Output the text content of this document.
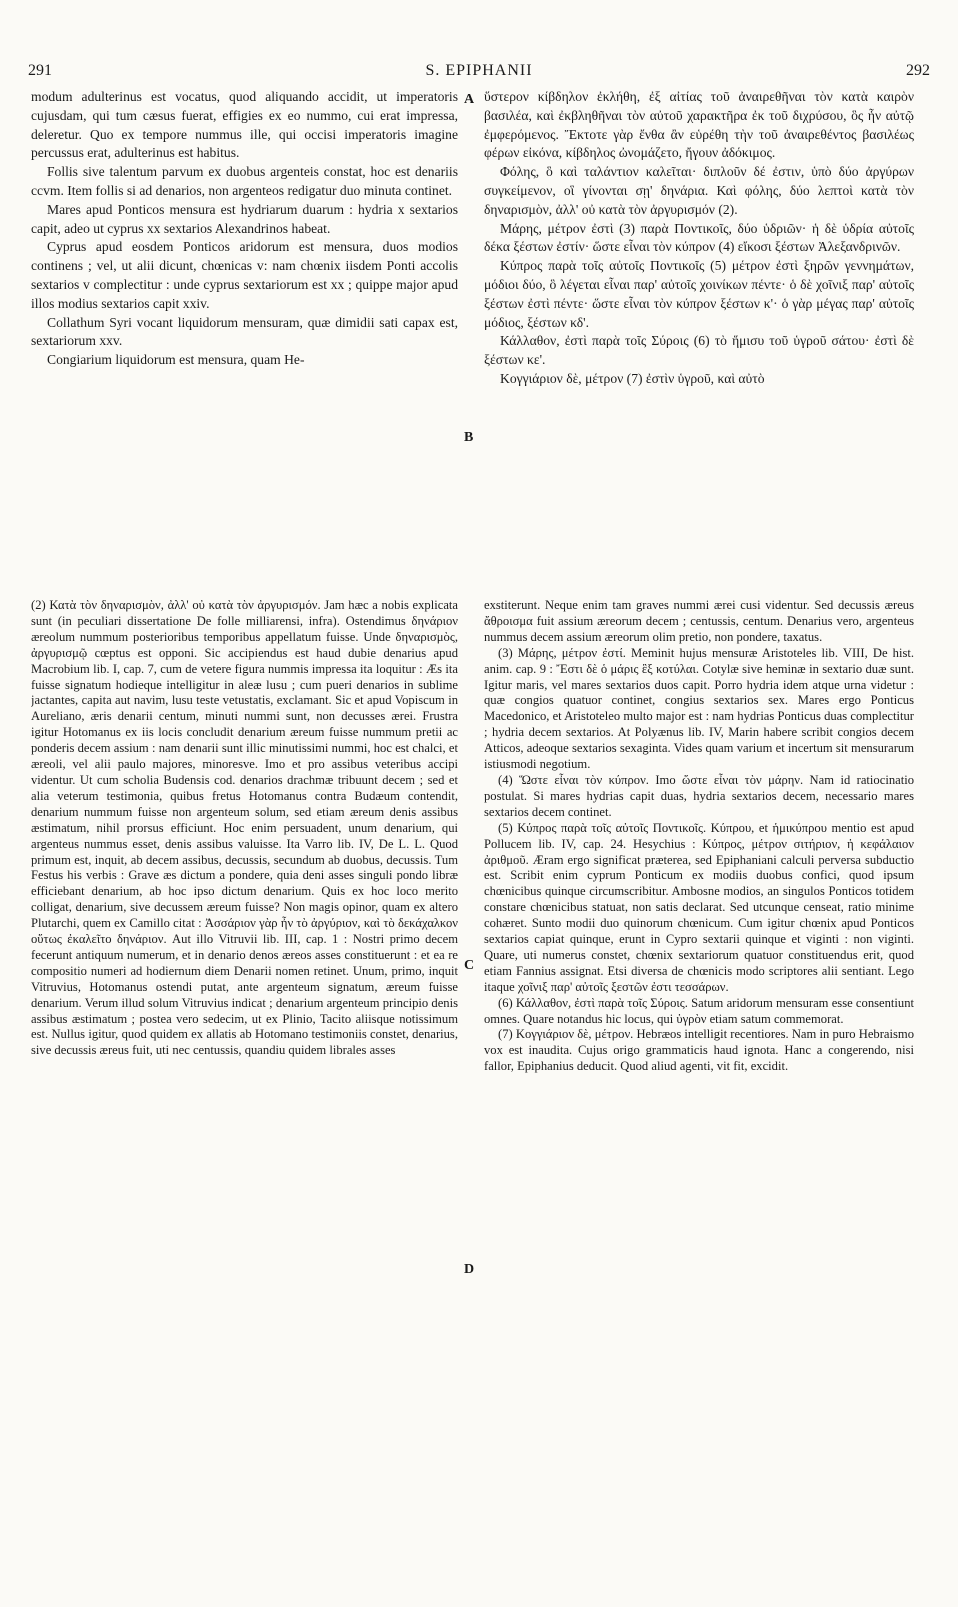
291	S. EPIPHANII	292

modum adulterinus est vocatus, quod aliquando accidit, ut imperatoris cujusdam, qui tum cæsus fuerat, effigies ex eo nummo, cui erat impressa, deleretur. Quo ex tempore nummus ille, qui occisi imperatoris imagine percussus erat, adulterinus est habitus.

Follis sive talentum parvum ex duobus argenteis constat, hoc est denariis ccvm. Item follis si ad denarios, non argenteos redigatur duo minuta continet.

Mares apud Ponticos mensura est hydriarum duarum : hydria x sextarios capit, adeo ut cyprus xx sextarios Alexandrinos habeat.

Cyprus apud eosdem Ponticos aridorum est mensura, duos modios continens ; vel, ut alii dicunt, chœnicas v: nam chœnix iisdem Ponti accolis sextarios v complectitur : unde cyprus sextariorum est xx ; quippe major apud illos modius sextarios capit xxiv.

Collathum Syri vocant liquidorum mensuram, quæ dimidii sati capax est, sextariorum xxv.

Congiarium liquidorum est mensura, quam He-

ὕστερον κίβδηλον ἐκλήθη, ἐξ αἰτίας τοῦ ἀναιρεθῆναι τὸν κατὰ καιρὸν βασιλέα, καὶ ἐκβληθῆναι τὸν αὐτοῦ χαρακτῆρα ἐκ τοῦ διχρύσου, ὃς ἦν αὐτῷ ἐμφερόμενος. Ἔκτοτε γὰρ ἔνθα ἂν εὑρέθη τὴν τοῦ ἀναιρεθέντος βασιλέως φέρων εἰκόνα, κίβδηλος ὠνομάζετο, ἤγουν ἀδόκιμος.

Φόλης, ὃ καὶ ταλάντιον καλεῖται· διπλοῦν δέ ἐστιν, ὑπὸ δύο ἀργύρων συγκείμενον, οἳ γίνονται σῃ' δηνάρια. Καὶ φόλης, δύο λεπτοὶ κατὰ τὸν δηναρισμὸν, ἀλλ' οὐ κατὰ τὸν ἀργυρισμόν (2).

Μάρης, μέτρον ἐστὶ (3) παρὰ Ποντικοῖς, δύο ὑδριῶν· ἡ δὲ ὑδρία αὐτοῖς δέκα ξέστων ἐστίν· ὥστε εἶναι τὸν κύπρον (4) εἴκοσι ξέστων Ἀλεξανδρινῶν.

Κύπρος παρὰ τοῖς αὐτοῖς Ποντικοῖς (5) μέτρον ἐστὶ ξηρῶν γεννημάτων, μόδιοι δύο, ὃ λέγεται εἶναι παρ' αὐτοῖς χοινίκων πέντε· ὁ δὲ χοῖνιξ παρ' αὐτοῖς ξέστων ἐστὶ πέντε· ὥστε εἶναι τὸν κύπρον ξέστων κ'· ὁ γὰρ μέγας παρ' αὐτοῖς μόδιος, ξέστων κδ'.

Κάλλαθον, ἐστὶ παρὰ τοῖς Σύροις (6) τὸ ἥμισυ τοῦ ὑγροῦ σάτου· ἐστὶ δὲ ξέστων κε'.

Κογγιάριον δὲ, μέτρον (7) ἐστὶν ὑγροῦ, καὶ αὐτὸ

A
B
C
D

(2) Κατὰ τὸν δηναρισμὸν, ἀλλ' οὐ κατὰ τὸν ἀργυρισμόν. Jam hæc a nobis explicata sunt (in peculiari dissertatione De folle milliarensi, infra). Ostendimus δηνάριον æreolum nummum posterioribus temporibus appellatum fuisse. Unde δηναρισμὸς, ἀργυρισμῷ cœptus est opponi. Sic accipiendus est haud dubie denarius apud Macrobium lib. I, cap. 7, cum de vetere figura nummis impressa ita loquitur : Æs ita fuisse signatum hodieque intelligitur in aleæ lusu ; cum pueri denarios in sublime jactantes, capita aut navim, lusu teste vetustatis, exclamant. Sic et apud Vopiscum in Aureliano, æris denarii centum, minuti nummi sunt, non decusses ærei. Frustra igitur Hotomanus ex iis locis concludit denarium æreum fuisse nummum pretii ac ponderis decem assium : nam denarii sunt illic minutissimi nummi, hoc est chalci, et æreoli, vel alii paulo majores, minoresve. Imo et pro assibus veteribus accipi videntur. Ut cum scholia Budensis cod. denarios drachmæ tribuunt decem ; sed et alia veterum testimonia, quibus fretus Hotomanus contra Budæum contendit, denarium nummum fuisse non argenteum solum, sed etiam æreum denis assibus æstimatum, nihil prorsus efficiunt. Hoc enim persuadent, unum denarium, qui argenteus nummus esset, denis assibus valuisse. Ita Varro lib. IV, De L. L. Quod primum est, inquit, ab decem assibus, decussis, secundum ab duobus, decussis. Tum Festus his verbis : Grave æs dictum a pondere, quia deni asses singuli pondo libræ efficiebant denarium, ab hoc ipso dictum denarium. Quis ex hoc loco merito colligat, denarium, sive decussem æreum fuisse? Non magis opinor, quam ex altero Plutarchi, quem ex Camillo citat : Ἀσσάριον γὰρ ἦν τὸ ἀργύριον, καὶ τὸ δεκάχαλκον οὕτως ἐκαλεῖτο δηνάριον. Aut illo Vitruvii lib. III, cap. 1 : Nostri primo decem fecerunt antiquum numerum, et in denario denos æreos asses constituerunt : et ea re compositio numeri ad hodiernum diem Denarii nomen retinet. Unum, primo, inquit Vitruvius, Hotomanus ostendi putat, ante argenteum signatum, æreum fuisse denarium. Verum illud solum Vitruvius indicat ; denarium argenteum principio denis assibus æstimatum ; postea vero sedecim, ut ex Plinio, Tacito aliisque notissimum est. Nullus igitur, quod quidem ex allatis ab Hotomano testimoniis constet, denarius, sive decussis æreus fuit, uti nec centussis, quandiu quidem librales asses

exstiterunt. Neque enim tam graves nummi ærei cusi videntur. Sed decussis æreus ἄθροισμα fuit assium æreorum decem ; centussis, centum. Denarius vero, argenteus nummus decem assium æreorum olim pretio, non pondere, taxatus.

(3) Μάρης, μέτρον ἐστί. Meminit hujus mensuræ Aristoteles lib. VIII, De hist. anim. cap. 9 : Ἔστι δὲ ὁ μάρις ἓξ κοτύλαι. Cotylæ sive heminæ in sextario duæ sunt. Igitur maris, vel mares sextarios duos capit. Porro hydria idem atque urna videtur : quæ congios quatuor continet, congius sextarios sex. Mares ergo Ponticus Macedonico, et Aristoteleo multo major est : nam hydrias Ponticus duas complectitur ; hydria decem sextarios. At Polyænus lib. IV, Marin habere scribit congios decem Atticos, adeoque sextarios sexaginta. Vides quam varium et incertum sit mensurarum istiusmodi negotium.

(4) Ὥστε εἶναι τὸν κύπρον. Imo ὥστε εἶναι τὸν μάρην. Nam id ratiocinatio postulat. Si mares hydrias capit duas, hydria sextarios decem, necessario mares sextarios decem continet.

(5) Κύπρος παρὰ τοῖς αὐτοῖς Ποντικοῖς. Κύπρου, et ἡμικύπρου mentio est apud Pollucem lib. IV, cap. 24. Hesychius : Κύπρος, μέτρον σιτήριον, ἡ κεφάλαιον ἀριθμοῦ. Æram ergo significat præterea, sed Epiphaniani calculi perversa subductio est. Scribit enim cyprum Ponticum ex modiis duobus confici, quod ipsum chœnicibus quinque circumscribitur. Ambosne modios, an singulos Ponticos totidem constare chœnicibus statuat, non satis declarat. Sed utcunque censeat, ratio minime cohæret. Sunto modii duo quinorum chœnicum. Cum igitur chœnix apud Ponticos sextarios capiat quinque, erunt in Cypro sextarii quinque et viginti : non viginti. Quare, uti numerus constet, chœnix sextariorum quatuor constituendus erit, quod etiam Fannius assignat. Etsi diversa de chœnicis modo scriptores alii sentiant. Lego itaque χοῖνιξ παρ' αὐτοῖς ξεστῶν ἐστι τεσσάρων.

(6) Κάλλαθον, ἐστὶ παρὰ τοῖς Σύροις. Satum aridorum mensuram esse consentiunt omnes. Quare notandus hic locus, qui ὑγρὸν etiam satum commemorat.

(7) Κογγιάριον δὲ, μέτρον. Hebræos intelligit recentiores. Nam in puro Hebraismo vox est inaudita. Cujus origo grammaticis haud ignota. Hanc a congerendo, nisi fallor, Epiphanius deducit. Quod aliud agenti, vit fit, excidit.
